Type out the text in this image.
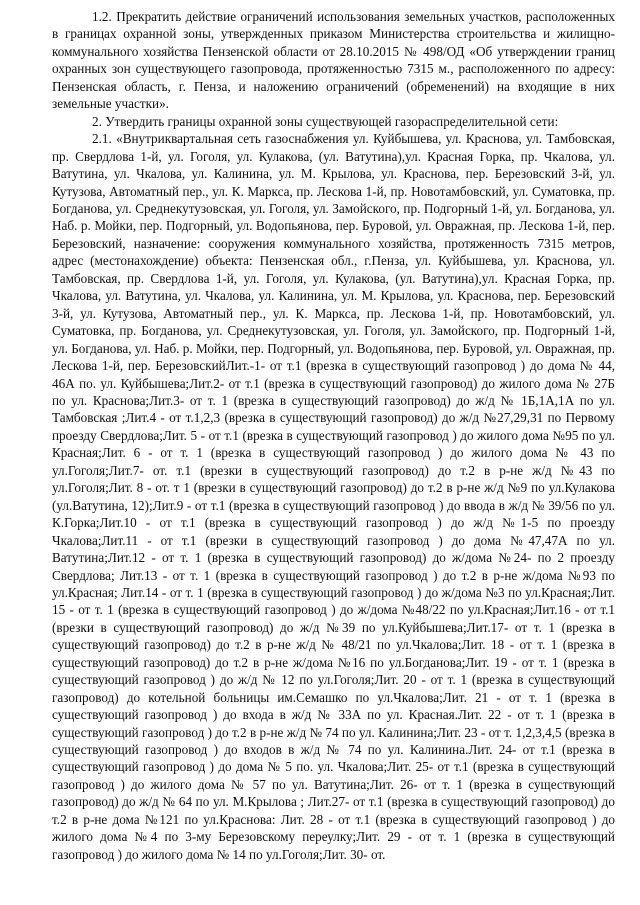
1.2. Прекратить действие ограничений использования земельных участков, расположенных в границах охранной зоны, утвержденных приказом Министерства строительства и жилищно-коммунального хозяйства Пензенской области от 28.10.2015 № 498/ОД «Об утверждении границ охранных зон существующего газопровода, протяженностью 7315 м., расположенного по адресу: Пензенская область, г. Пенза, и наложению ограничений (обременений) на входящие в них земельные участки».

2. Утвердить границы охранной зоны существующей газораспределительной сети:

2.1. «Внутриквартальная сеть газоснабжения ул. Куйбышева, ул. Краснова, ул. Тамбовская, пр. Свердлова 1-й, ул. Гоголя, ул. Кулакова, (ул. Ватутина),ул. Красная Горка, пр. Чкалова, ул. Ватутина, ул. Чкалова, ул. Калинина, ул. М. Крылова, ул. Краснова, пер. Березовский 3-й, ул. Кутузова, Автоматный пер., ул. К. Маркса, пр. Лескова 1-й, пр. Новотамбовский, ул. Суматовка, пр. Богданова, ул. Среднекутузовская, ул. Гоголя, ул. Замойского, пр. Подгорный 1-й, ул. Богданова, ул. Наб. р. Мойки, пер. Подгорный, ул. Водопьянова, пер. Буровой, ул. Овражная, пр. Лескова 1-й, пер. Березовский, назначение: сооружения коммунального хозяйства, протяженность 7315 метров, адрес (местонахождение) объекта: Пензенская обл., г.Пенза, ул. Куйбышева, ул. Краснова, ул. Тамбовская, пр. Свердлова 1-й, ул. Гоголя, ул. Кулакова, (ул. Ватутина),ул. Красная Горка, пр. Чкалова, ул. Ватутина, ул. Чкалова, ул. Калинина, ул. М. Крылова, ул. Краснова, пер. Березовский 3-й, ул. Кутузова, Автоматный пер., ул. К. Маркса, пр. Лескова 1-й, пр. Новотамбовский, ул. Суматовка, пр. Богданова, ул. Среднекутузовская, ул. Гоголя, ул. Замойского, пр. Подгорный 1-й, ул. Богданова, ул. Наб. р. Мойки, пер. Подгорный, ул. Водопьянова, пер. Буровой, ул. Овражная, пр. Лескова 1-й, пер. БерезовскийЛит.-1- от т.1 (врезка в существующий газопровод ) до дома № 44, 46А по. ул. Куйбышева;Лит.2- от т.1 (врезка в существующий газопровод) до жилого дома № 27Б по ул. Краснова;Лит.3- от т. 1 (врезка в существующий газопровод) до ж/д № 1Б,1А,1А по ул. Тамбовская ;Лит.4 - от т.1,2,3 (врезка в существующий газопровод) до ж/д №27,29,31 по Первому проезду Свердлова;Лит. 5 - от т.1 (врезка в существующий газопровод ) до жилого дома №95 по ул. Красная;Лит. 6 - от т. 1 (врезка в существующий газопровод ) до жилого дома № 43 по ул.Гоголя;Лит.7- от. т.1 (врезки в существующий газопровод) до т.2 в р-не ж/д №43 по ул.Гоголя;Лит. 8 - от. т 1 (врезки в существующий газопровод) до т.2 в р-не ж/д №9 по ул.Кулакова (ул.Ватутина, 12);Лит.9 - от т.1 (врезка в существующий газопровод ) до ввода в ж/д № 39/56 по ул. К.Горка;Лит.10 - от т.1 (врезка в существующий газопровод ) до ж/д №1-5 по проезду Чкалова;Лит.11 - от т.1 (врезки в существующий газопровод ) до дома №47,47А по ул. Ватутина;Лит.12 - от т. 1 (врезка в существующий газопровод) до ж/дома №24- по 2 проезду Свердлова; Лит.13 - от т. 1 (врезка в существующий газопровод ) до т.2 в р-не ж/дома №93 по ул.Красная; Лит.14 - от т. 1 (врезка в существующий газопровод ) до ж/дома №3 по ул.Красная;Лит. 15 - от т. 1 (врезка в существующий газопровод ) до ж/дома №48/22 по ул.Красная;Лит.16 - от т.1 (врезки в существующий газопровод) до ж/д №39 по ул.Куйбышева;Лит.17- от т. 1 (врезка в существующий газопровод) до т.2 в р-не ж/д № 48/21 по ул.Чкалова;Лит. 18 - от т. 1 (врезка в существующий газопровод) до т.2 в р-не ж/дома №16 по ул.Богданова;Лит. 19 - от т. 1 (врезка в существующий газопровод ) до ж/д № 12 по ул.Гоголя;Лит. 20 - от т. 1 (врезка в существующий газопровод) до котельной больницы им.Семашко по ул.Чкалова;Лит. 21 - от т. 1 (врезка в существующий газопровод ) до входа в ж/д № 33А по ул. Красная.Лит. 22 - от т. 1 (врезка в существующий газопровод ) до т.2 в р-не ж/д № 74 по ул. Калинина;Лит. 23 - от т. 1,2,3,4,5 (врезка в существующий газопровод ) до входов в ж/д № 74 по ул. Калинина.Лит. 24- от т.1 (врезка в существующий газопровод ) до дома № 5 по. ул. Чкалова;Лит. 25- от т.1 (врезка в существующий газопровод ) до жилого дома № 57 по ул. Ватутина;Лит. 26- от т. 1 (врезка в существующий газопровод) до ж/д № 64 по ул. М.Крылова ; Лит.27- от т.1 (врезка в существующий газопровод) до т.2 в р-не дома №121 по ул.Краснова: Лит. 28 - от т.1 (врезка в существующий газопровод ) до жилого дома №4 по 3-му Березовскому переулку;Лит. 29 - от т. 1 (врезка в существующий газопровод ) до жилого дома № 14 по ул.Гоголя;Лит. 30- от.
